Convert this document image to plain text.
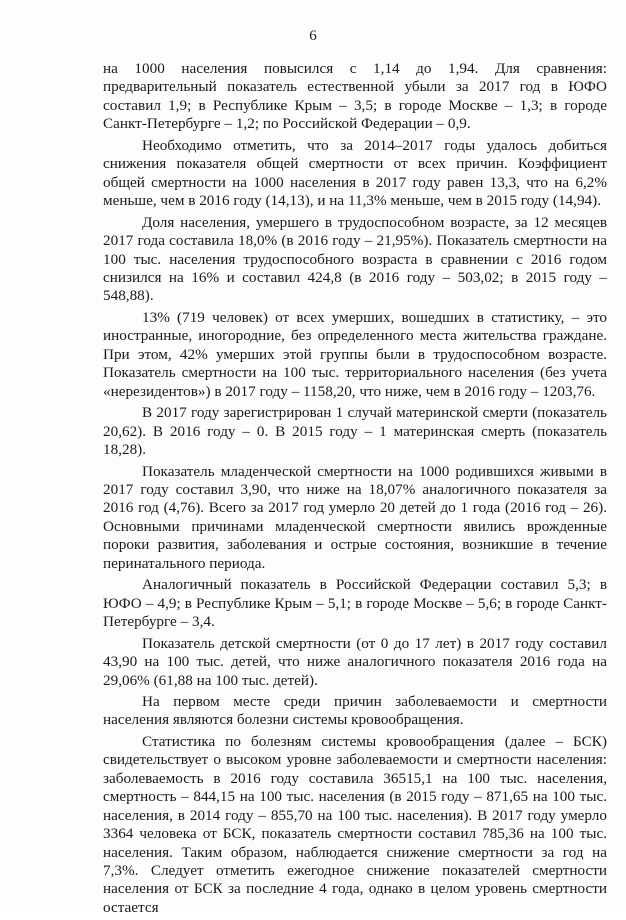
6

на 1000 населения повысился с 1,14 до 1,94. Для сравнения: предварительный показатель естественной убыли за 2017 год в ЮФО составил 1,9; в Республике Крым – 3,5; в городе Москве – 1,3; в городе Санкт-Петербурге – 1,2; по Российской Федерации – 0,9.

Необходимо отметить, что за 2014–2017 годы удалось добиться снижения показателя общей смертности от всех причин. Коэффициент общей смертности на 1000 населения в 2017 году равен 13,3, что на 6,2% меньше, чем в 2016 году (14,13), и на 11,3% меньше, чем в 2015 году (14,94).

Доля населения, умершего в трудоспособном возрасте, за 12 месяцев 2017 года составила 18,0% (в 2016 году – 21,95%). Показатель смертности на 100 тыс. населения трудоспособного возраста в сравнении с 2016 годом снизился на 16% и составил 424,8 (в 2016 году – 503,02; в 2015 году – 548,88).

13% (719 человек) от всех умерших, вошедших в статистику, – это иностранные, иногородние, без определенного места жительства граждане. При этом, 42% умерших этой группы были в трудоспособном возрасте. Показатель смертности на 100 тыс. территориального населения (без учета «нерезидентов») в 2017 году – 1158,20, что ниже, чем в 2016 году – 1203,76.

В 2017 году зарегистрирован 1 случай материнской смерти (показатель 20,62). В 2016 году – 0. В 2015 году – 1 материнская смерть (показатель 18,28).

Показатель младенческой смертности на 1000 родившихся живыми в 2017 году составил 3,90, что ниже на 18,07% аналогичного показателя за 2016 год (4,76). Всего за 2017 год умерло 20 детей до 1 года (2016 год – 26). Основными причинами младенческой смертности явились врожденные пороки развития, заболевания и острые состояния, возникшие в течение перинатального периода.

Аналогичный показатель в Российской Федерации составил 5,3; в ЮФО – 4,9; в Республике Крым – 5,1; в городе Москве – 5,6; в городе Санкт-Петербурге – 3,4.

Показатель детской смертности (от 0 до 17 лет) в 2017 году составил 43,90 на 100 тыс. детей, что ниже аналогичного показателя 2016 года на 29,06% (61,88 на 100 тыс. детей).

На первом месте среди причин заболеваемости и смертности населения являются болезни системы кровообращения.

Статистика по болезням системы кровообращения (далее – БСК) свидетельствует о высоком уровне заболеваемости и смертности населения: заболеваемость в 2016 году составила 36515,1 на 100 тыс. населения, смертность – 844,15 на 100 тыс. населения (в 2015 году – 871,65 на 100 тыс. населения, в 2014 году – 855,70 на 100 тыс. населения). В 2017 году умерло 3364 человека от БСК, показатель смертности составил 785,36 на 100 тыс. населения. Таким образом, наблюдается снижение смертности за год на 7,3%. Следует отметить ежегодное снижение показателей смертности населения от БСК за последние 4 года, однако в целом уровень смертности остается
